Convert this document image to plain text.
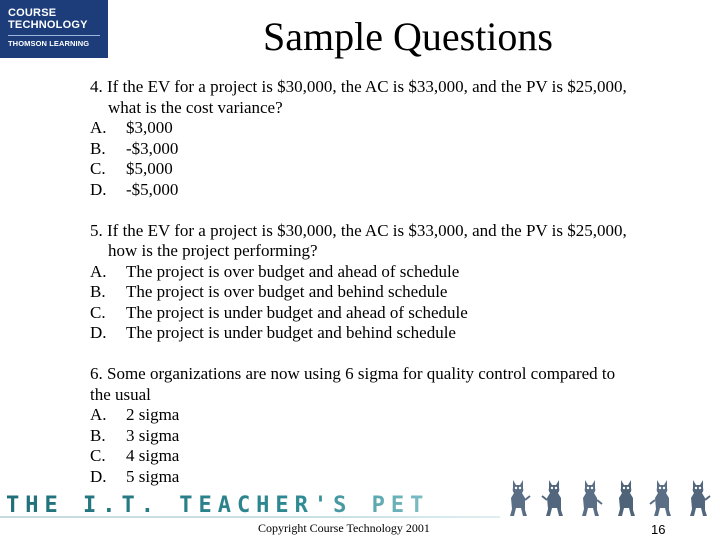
COURSE
TECHNOLOGY
THOMSON LEARNING	Sample Questions
4. If the EV for a project is $30,000, the AC is $33,000, and the PV is $25,000,
what is the cost variance?
A.	$3,000
B.	-$3,000
C.	$5,000
D.	-$5,000
5. If the EV for a project is $30,000, the AC is $33,000, and the PV is $25,000,
how is the project performing?
A.	The project is over budget and ahead of schedule
B.	The project is over budget and behind schedule
C.	The project is under budget and ahead of schedule
D.	The project is under budget and behind schedule
6. Some organizations are now using 6 sigma for quality control compared to
the usual
A.	2 sigma
B.	3 sigma
C.	4 sigma
D.	5 sigma
THE I.T. TEACHER'S PET
Copyright Course Technology 2001	16
